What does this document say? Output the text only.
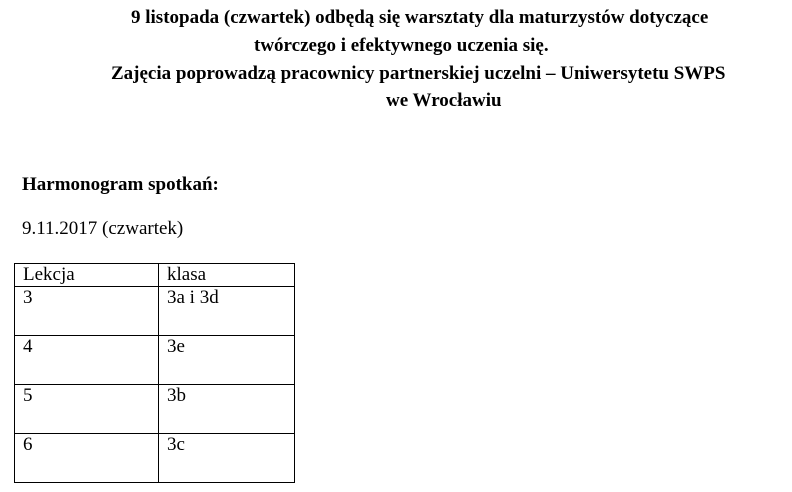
9 listopada (czwartek) odbędą się warsztaty dla maturzystów dotyczące
twórczego i efektywnego uczenia się.
Zajęcia poprowadzą pracownicy partnerskiej uczelni – Uniwersytetu SWPS
we Wrocławiu
Harmonogram spotkań:
9.11.2017 (czwartek)
Lekcja	klasa
3	3a i 3d
4	3e
5	3b
6	3c
